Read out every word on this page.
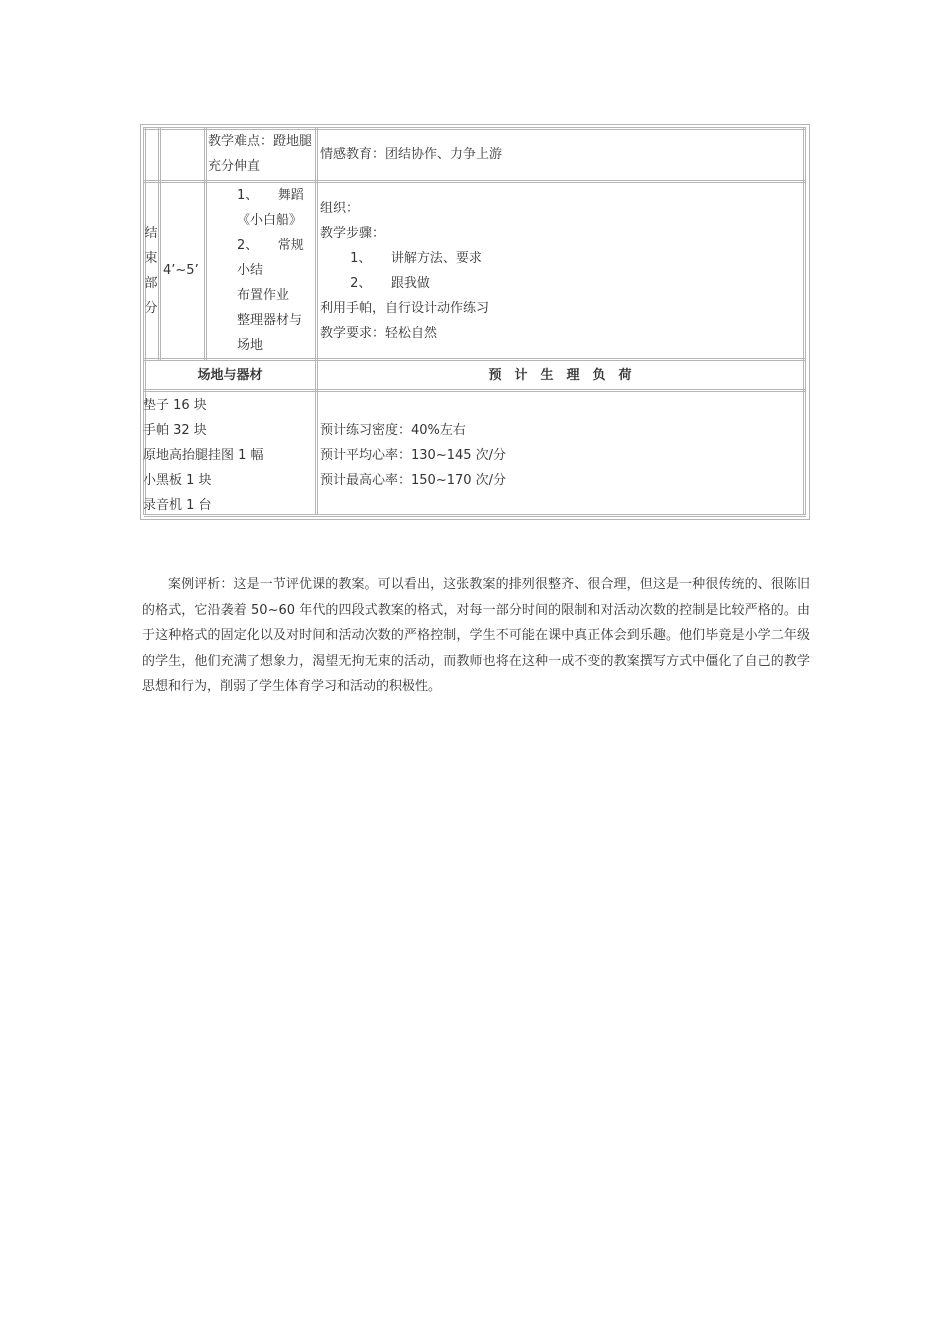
教学难点：蹬地腿
充分伸直
情感教育：团结协作、力争上游
结
束
部
分
4’~5’
1、　　舞蹈
《小白船》
2、　　常规
小结
布置作业
整理器材与
场地
组织：
教学步骤：
　　 1、　　讲解方法、要求
　　 2、　　跟我做
利用手帕，自行设计动作练习
教学要求：轻松自然
场地与器材	预　计　生　理　负　荷
垫子 16 块
手帕 32 块
原地高抬腿挂图 1 幅
小黑板 1 块
录音机 1 台
预计练习密度：40%左右
预计平均心率：130~145 次/分
预计最高心率：150~170 次/分

案例评析：这是一节评优课的教案。可以看出，这张教案的排列很整齐、很合理，但这是一种很传统的、很陈旧的格式，它沿袭着 50~60 年代的四段式教案的格式，对每一部分时间的限制和对活动次数的控制是比较严格的。由于这种格式的固定化以及对时间和活动次数的严格控制，学生不可能在课中真正体会到乐趣。他们毕竟是小学二年级的学生，他们充满了想象力，渴望无拘无束的活动，而教师也将在这种一成不变的教案撰写方式中僵化了自己的教学思想和行为，削弱了学生体育学习和活动的积极性。
